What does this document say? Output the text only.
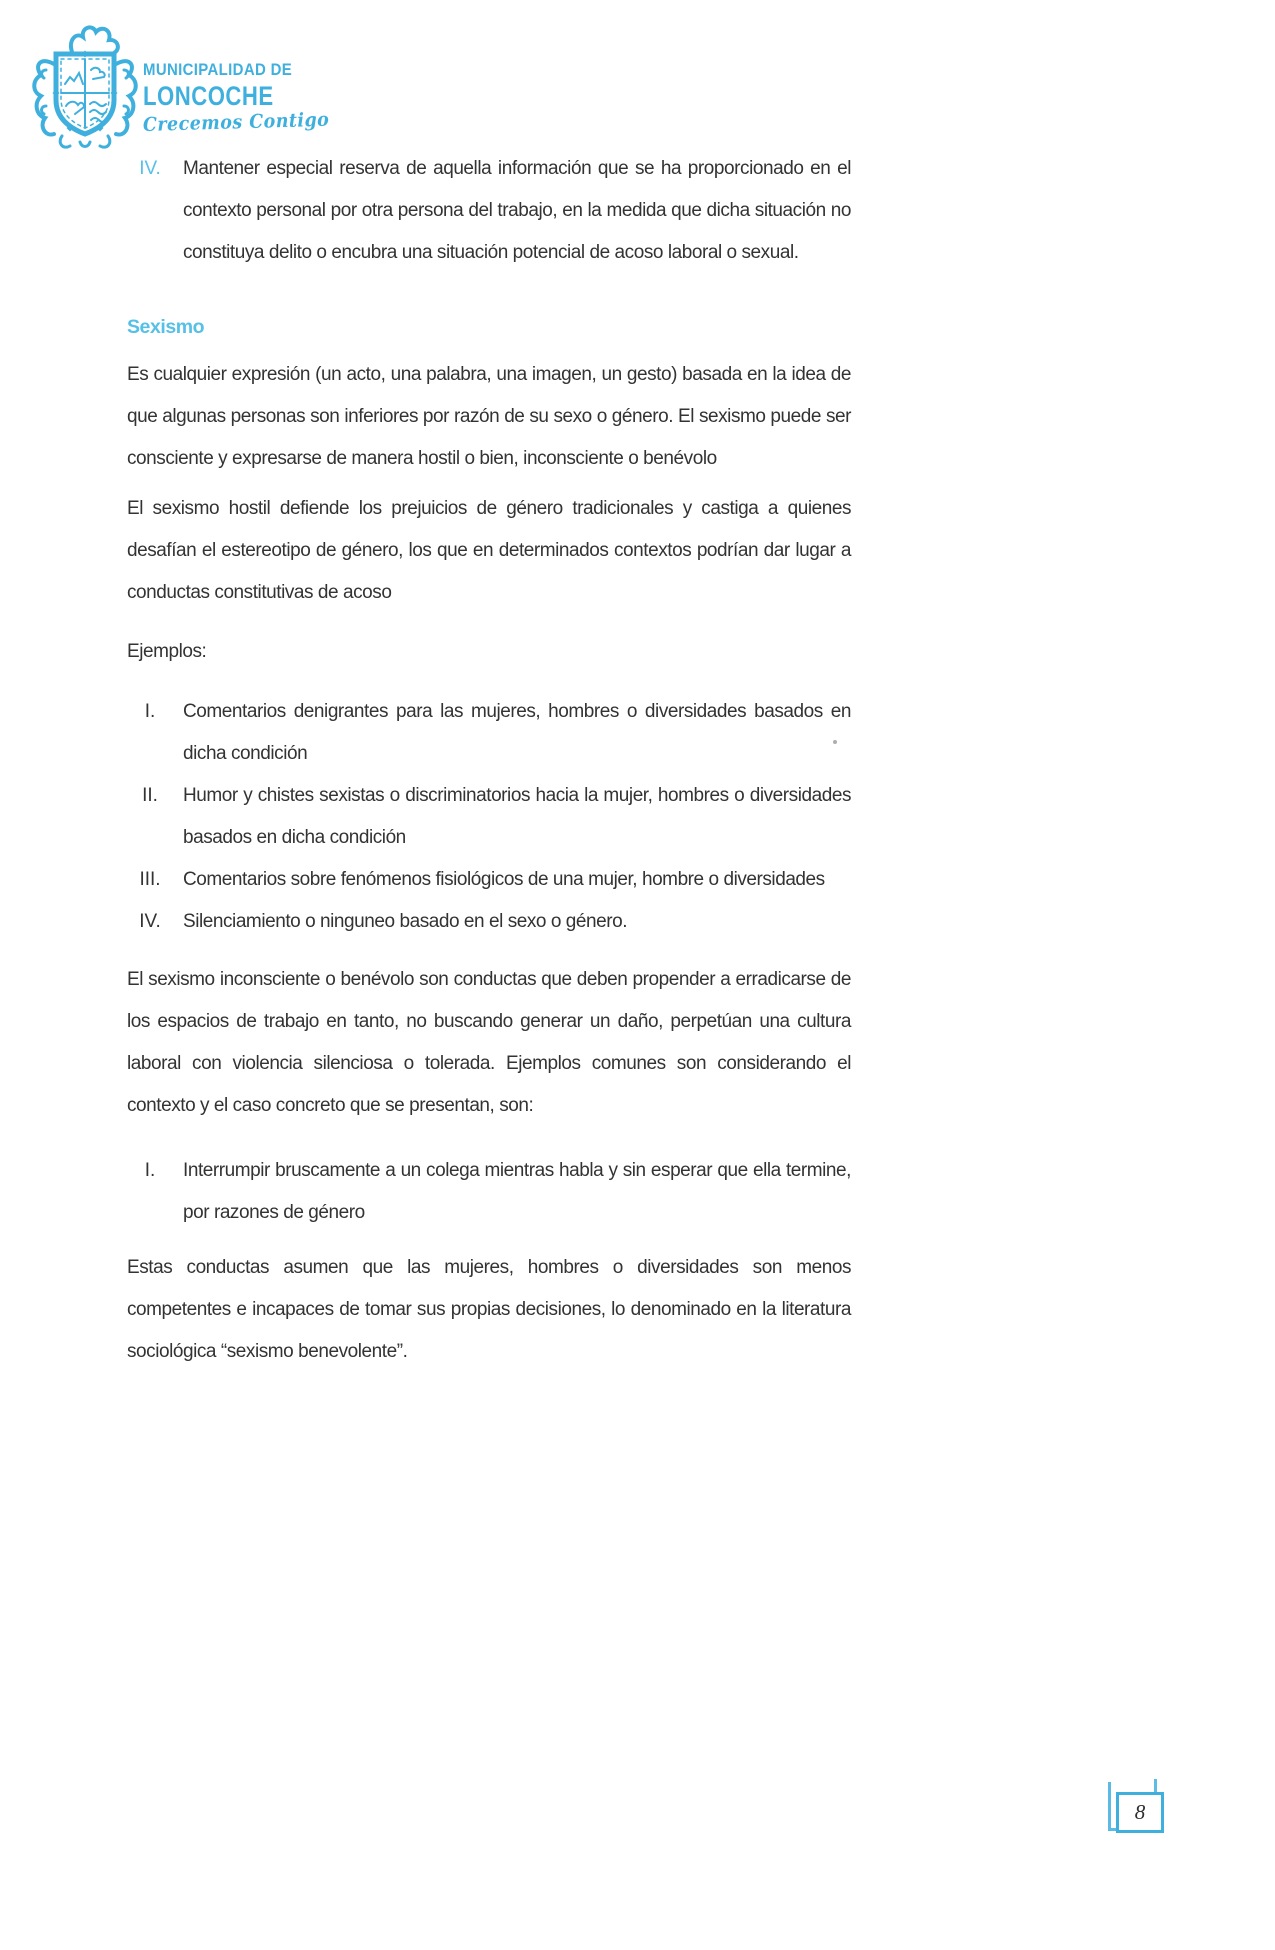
MUNICIPALIDAD DE
LONCOCHE
Crecemos Contigo
IV.	Mantener especial reserva de aquella información que se ha proporcionado en el contexto personal por otra persona del trabajo, en la medida que dicha situación no constituya delito o encubra una situación potencial de acoso laboral o sexual.

Sexismo

Es cualquier expresión (un acto, una palabra, una imagen, un gesto) basada en la idea de que algunas personas son inferiores por razón de su sexo o género. El sexismo puede ser consciente y expresarse de manera hostil o bien, inconsciente o benévolo

El sexismo hostil defiende los prejuicios de género tradicionales y castiga a quienes desafían el estereotipo de género, los que en determinados contextos podrían dar lugar a conductas constitutivas de acoso

Ejemplos:

I.	Comentarios denigrantes para las mujeres, hombres o diversidades basados en dicha condición

II.	Humor y chistes sexistas o discriminatorios hacia la mujer, hombres o diversidades basados en dicha condición

III.	Comentarios sobre fenómenos fisiológicos de una mujer, hombre o diversidades

IV.	Silenciamiento o ninguneo basado en el sexo o género.

El sexismo inconsciente o benévolo son conductas que deben propender a erradicarse de los espacios de trabajo en tanto, no buscando generar un daño, perpetúan una cultura laboral con violencia silenciosa o tolerada. Ejemplos comunes son considerando el contexto y el caso concreto que se presentan, son:

I.	Interrumpir bruscamente a un colega mientras habla y sin esperar que ella termine, por razones de género

Estas conductas asumen que las mujeres, hombres o diversidades son menos competentes e incapaces de tomar sus propias decisiones, lo denominado en la literatura sociológica “sexismo benevolente”.

8
